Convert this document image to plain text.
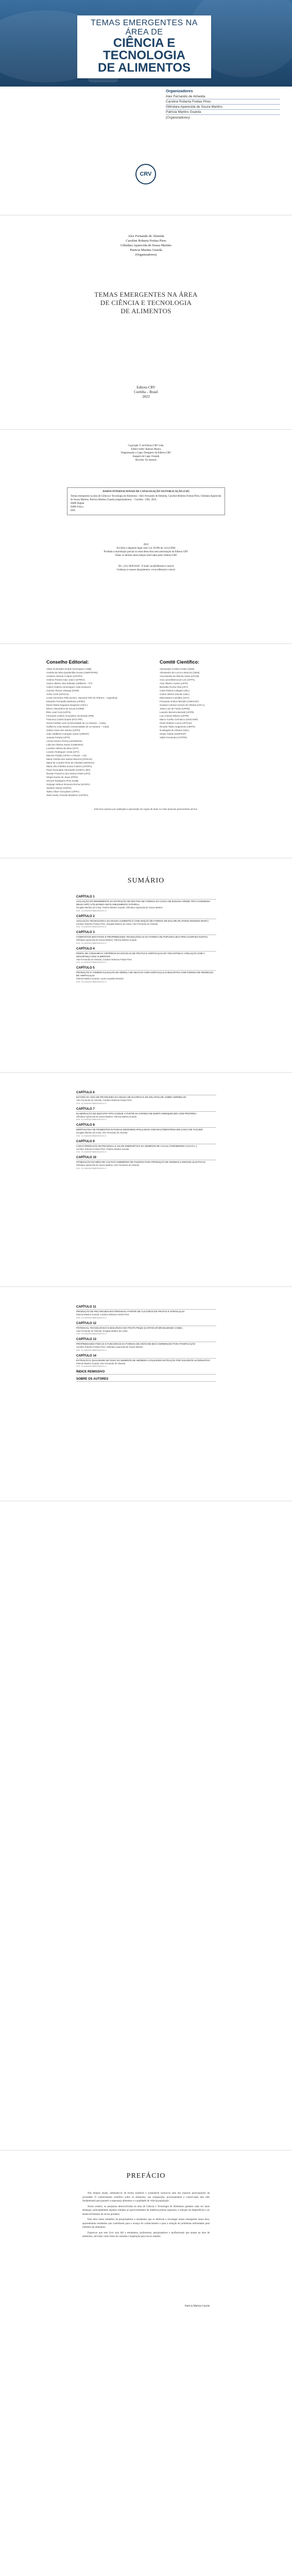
TEMAS EMERGENTES NA ÁREA DE
CIÊNCIA E TECNOLOGIA
DE ALIMENTOS
Organizadores
Alex Fernando de Almeida
Caroline Roberta Freitas Pires
Glêndara Aparecida de Souza Martins
Patricia Martins Guarda
(Organizadores)
CRV
Alex Fernando de Almeida
Caroline Roberta Freitas Pires
Glêndara Aparecida de Souza Martins
Patricia Martins Guarda
(Organizadores)
TEMAS EMERGENTES NA ÁREA
DE CIÊNCIA E TECNOLOGIA
DE ALIMENTOS
Editora CRV
Curitiba – Brasil
2023
Copyright © da Editora CRV Ltda.
Editor-chefe: Railson Moura
Diagramação e Capa: Designers da Editora CRV
Imagem de Capa: Freepik
Revisão: Os Autores
DADOS INTERNACIONAIS DE CATALOGAÇÃO NA PUBLICAÇÃO (CIP)
Temas emergentes na área de Ciência e Tecnologia de Alimentos / Alex Fernando de Almeida, Caroline Roberta Freitas Pires, Glêndara Aparecida de Souza Martins, Patricia Martins Guarda (organizadores). – Curitiba : CRV, 2023.
ISBN Digital
ISBN Físico
DOI
2023
Foi feito o depósito legal conf. Lei 10.994 de 14/12/2004
Proibida a reprodução parcial ou total desta obra sem autorização da Editora CRV
Todos os direitos desta edição reservados pela: Editora CRV
Tel.: (41) 3039-6418 - E-mail: sac@editoracrv.com.br
Conheça os nossos lançamentos: www.editoracrv.com.br
Conselho Editorial:
Aldira Guimarães Duarte Domínguez (UNB)
Andréia da Silva Quintanilha Sousa (UNIR/UFRN)
Anselmo Alencar Colares (UFOPA)
Antônio Pereira Gaio Júnior (UFRRJ)
Carlos Alberto Vilar Estêvão (UMINHO – PT)
Carlos Federico Dominguez Avila (Unieuro)
Carmen Tereza Velanga (UNIR)
Celso Conti (UFSCar)
Cesar Gerónimo Tello (Univer. Nacional Três de Febrero – Argentina)
Eduardo Fernandes Barbosa (UFMG)
Elione Maria Nogueira Diogenes (UFAL)
Elizeu Clementino de Souza (UNEB)
Élsio José Corá (UFFS)
Fernando Antônio Gonçalves Alcoforado (IPB)
Francisco Carlos Duarte (PUC-PR)
Gloria Fariñas León (Universidade de La Havana – Cuba)
Guillermo Arias Beatón (Universidade de La Havana – Cuba)
Jailson Alves dos Santos (UFRJ)
João Adalberto Campato Junior (UNESP)
Josania Portela (UFPI)
Leonel Severo Rocha (UNISINOS)
Lídia de Oliveira Xavier (UNIEURO)
Lourdes Helena da Silva (UFV)
Luciano Rodrigues Costa (UFV)
Marcelo Paixão (UFRJ e UTexas – US)
Maria Cristina dos Santos Bezerra (UFSCar)
Maria de Lourdes Pinto de Almeida (UNOESC)
Maria Lília Imbiriba Sousa Colares (UFOPA)
Paulo Romualdo Hernandes (UNIFAL-MG)
Renato Francisco dos Santos Paula (UFG)
Sérgio Nunes de Jesus (IFRO)
Simone Rodrigues Pinto (UNB)
Solange Helena Ximenes-Rocha (UFOPA)
Sydione Santos (UEPG)
Tadeu Oliver Gonçalves (UFPA)
Tania Suely Azevedo Brasileiro (UFOPA)
Comitê Científico:
Alessandra Cristina Furlan (UEM)
Alessandro de Lucca e Braccini (UEM)
Ana Daniela da Silveira Viana (UFAM)
Ana Luiza Bittencourt Lins (UFPA)
Artur Ribeiro Castro (UFPI)
Benedito Rocha Vital (UFV)
Carla Patricia Calegari (UEL)
Carlos Alberto Zanotto (UEL)
Elda Martins Carvalho (UFV)
Fernando Amilcar Bertolini (UNIVASF)
Gustavo Antonio Gomes de Oliveira (UFLA)
Jaime Luiz de Farias (UFMS)
Leandro Bezerra Bertoldi (UFPR)
Luiz Antonio Ribeiro (UFPR)
Marco Aurélio Cremasco (UNICAMP)
Paulo Roberto Lecca (UFSCar)
Ricardo Tadeu Suguimoto (UEPG)
Rosângela de Oliveira (UEL)
Sérgio Toledo (UNIFESP)
Valdir Fernandes (UTFPR)
Este livro passou por avaliação e aprovação às cegas de duas ou mais pessoas pareceristas ad hoc.
SUMÁRIO
CAPÍTULO 1
AVALIAÇÃO DO RENDIMENTO DA EXTRAÇÃO DE PECTINA DE FARINHA DA CASCA DE BANANA VERDE TIPO CAVENDISH (MUSA SPP.) UTILIZANDO UM PLANEJAMENTO FATORIAL
Douglas Martins da Costa, Patricia Martins Guarda, Glêndara Aparecida de Souza Martins
DOI: 10.24824/978652515XXX.X
CAPÍTULO 2
AVALIAÇÃO TECNOLÓGICA DA MASSA ALIMENTÍCIA COM ADIÇÃO DE FARINHA DE BACURI (PLATONIA INSIGNIS MART.)
Caroline Roberta Freitas Pires, Douglas Martins da Costa, Alex Fernando de Almeida
DOI: 10.24824/978652515XXX.X
CAPÍTULO 3
COMPOSTOS BIOATIVOS E PROPRIEDADES TECNOLÓGICAS DA FARINHA DE PUPUNHA (BACTRIS GASIPAES KUNTH)
Glêndara Aparecida de Souza Martins, Patricia Martins Guarda
DOI: 10.24824/978652515XXX.X
CAPÍTULO 4
PERFIL DE CONSUMO E CRITÉRIOS NA ESCOLHA DE FRUTAS E HORTALIÇAS NO TOCANTINS E A RELAÇÃO COM A SEGURANÇA DOS ALIMENTOS
Alex Fernando de Almeida, Caroline Roberta Freitas Pires
DOI: 10.24824/978652515XXX.X
CAPÍTULO 5
PRODUÇÃO E COMERCIALIZAÇÃO DE SÊMOLA DE ABACAXI COM HORTALIÇAS E BISCOITOS COM FARINHA DE RESÍDUOS DE HORTALIÇAS
Patricia Martins Guarda, Lucas Leopoldo Mendes
DOI: 10.24824/978652515XXX.X
CAPÍTULO 6
ESTUDO DA VIDA DE PRATELEIRA DA GELEIA DE HUAPEVA E DE GELATINA DE JAMBO VERMELHO
Alex Fernando de Almeida, Caroline Roberta Freitas Pires
DOI: 10.24824/978652515XXX.X
CAPÍTULO 7
ELABORAÇÃO DE BISCOITO TIPO COOKIE À PARTIR DA FARINHA DE BURITI ENRIQUECIDO COM PROTEÍNA
Glêndara Aparecida de Souza Martins, Patricia Martins Guarda
DOI: 10.24824/978652515XXX.X
CAPÍTULO 8
MORFOLOGIA DE PIGMENTOS NATURAIS MICROENCAPSULADOS COM MALTODEXTRINA EM CASCA DE TUCUMÃ
Douglas Martins da Costa, Alex Fernando de Almeida
DOI: 10.24824/978652515XXX.X
CAPÍTULO 9
CARACTERIZAÇÃO NUTRICIONAL E VALOR ENERGÉTICO DA SEMENTE DE CACAU (THEOBROMA CACAO L.)
Caroline Roberta Freitas Pires, Patricia Martins Guarda
DOI: 10.24824/978652515XXX.X
CAPÍTULO 10
OTIMIZAÇÃO DO MEIO DE CULTIVO SUBMERSO DE FUNGOS PARA PRODUÇÃO DE ENZIMAS LIGNOCELULOLÍTICAS
Glêndara Aparecida de Souza Martins, Alex Fernando de Almeida
DOI: 10.24824/978652515XXX.X
CAPÍTULO 11
PRODUÇÃO DE PECTINASES BACTERIANAS A PARTIR DE CULTURAS DE FRUTAS E HORTALIÇAS
Patricia Martins Guarda, Caroline Roberta Freitas Pires
DOI: 10.24824/978652515XXX.X
CAPÍTULO 12
POTENCIAL TECNOLÓGICO E BIOLÓGICO DO FRUTO PEQUI (CARYOCAR BRASILIENSE CAMB.)
Alex Fernando de Almeida, Douglas Martins da Costa
DOI: 10.24824/978652515XXX.X
CAPÍTULO 13
PROPRIEDADES FÍSICAS E FUNCIONAIS DA FARINHA DE GRÃO-DE-BICO GERMINADO PARA PANIFICAÇÃO
Caroline Roberta Freitas Pires, Glêndara Aparecida de Souza Martins
DOI: 10.24824/978652515XXX.X
CAPÍTULO 14
EXTRAÇÃO E QUALIDADE DE ÓLEO DA SEMENTE DE ABÓBORA UTILIZANDO EXTRAÇÃO POR SOLVENTE ALTERNATIVO
Patricia Martins Guarda, Alex Fernando de Almeida
DOI: 10.24824/978652515XXX.X
ÍNDICE REMISSIVO
SOBRE OS AUTORES
PREFÁCIO

Nos tempos atuais, alimentar-se de forma saudável e sustentável tornou-se uma das maiores preocupações da sociedade. O conhecimento científico sobre os alimentos, sua composição, processamento e conservação tem sido fundamental para garantir a segurança alimentar e a qualidade de vida da população.

Nesse cenário, as pesquisas desenvolvidas na área de Ciência e Tecnologia de Alimentos ganham cada vez mais destaque, principalmente aquelas voltadas ao aproveitamento de matérias-primas regionais, à redução de desperdícios e ao desenvolvimento de novos produtos.

Esta obra reúne trabalhos de pesquisadores e estudantes que se dedicam a investigar temas emergentes nessa área, apresentando resultados que contribuem para o avanço do conhecimento e para a solução de problemas enfrentados pela indústria de alimentos.

Espera-se que este livro seja útil a estudantes, professores, pesquisadores e profissionais que atuam na área de alimentos, servindo como fonte de consulta e inspiração para novos estudos.

Patricia Martins Guarda
